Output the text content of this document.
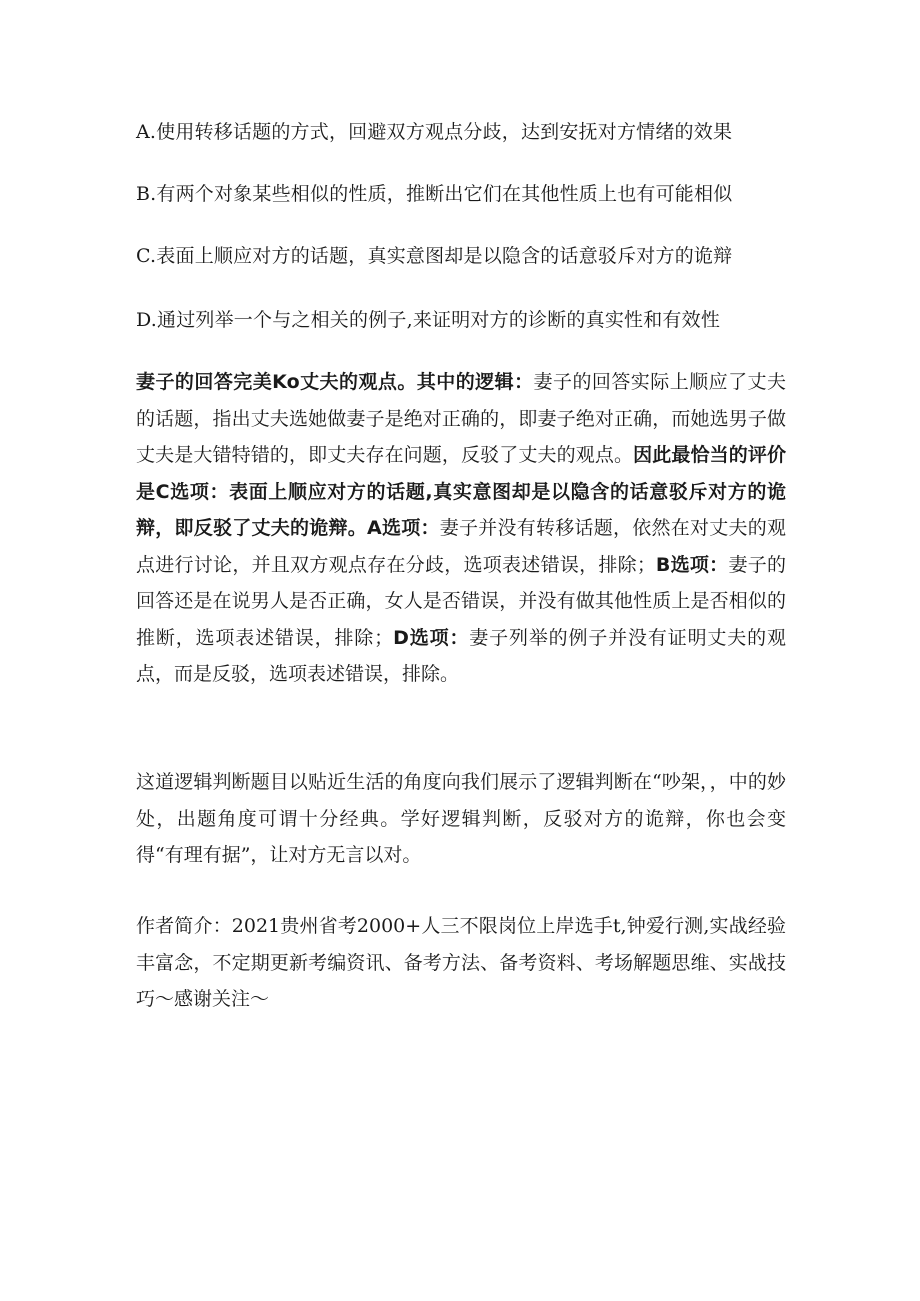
A.使用转移话题的方式，回避双方观点分歧，达到安抚对方情绪的效果
B.有两个对象某些相似的性质，推断出它们在其他性质上也有可能相似
C.表面上顺应对方的话题，真实意图却是以隐含的话意驳斥对方的诡辩
D.通过列举一个与之相关的例子,来证明对方的诊断的真实性和有效性
妻子的回答完美Ko丈夫的观点。其中的逻辑：妻子的回答实际上顺应了丈夫的话题，指出丈夫选她做妻子是绝对正确的，即妻子绝对正确，而她选男子做丈夫是大错特错的，即丈夫存在问题，反驳了丈夫的观点。因此最恰当的评价是C选项：表面上顺应对方的话题,真实意图却是以隐含的话意驳斥对方的诡辩，即反驳了丈夫的诡辩。A选项：妻子并没有转移话题，依然在对丈夫的观点进行讨论，并且双方观点存在分歧，选项表述错误，排除；B选项：妻子的回答还是在说男人是否正确，女人是否错误，并没有做其他性质上是否相似的推断，选项表述错误，排除；D选项：妻子列举的例子并没有证明丈夫的观点，而是反驳，选项表述错误，排除。
这道逻辑判断题目以贴近生活的角度向我们展示了逻辑判断在“吵架，，中的妙处，出题角度可谓十分经典。学好逻辑判断，反驳对方的诡辩，你也会变得“有理有据”，让对方无言以对。
作者简介：2021贵州省考2000+人三不限岗位上岸选手t,钟爱行测,实战经验丰富念，不定期更新考编资讯、备考方法、备考资料、考场解题思维、实战技巧～感谢关注～
